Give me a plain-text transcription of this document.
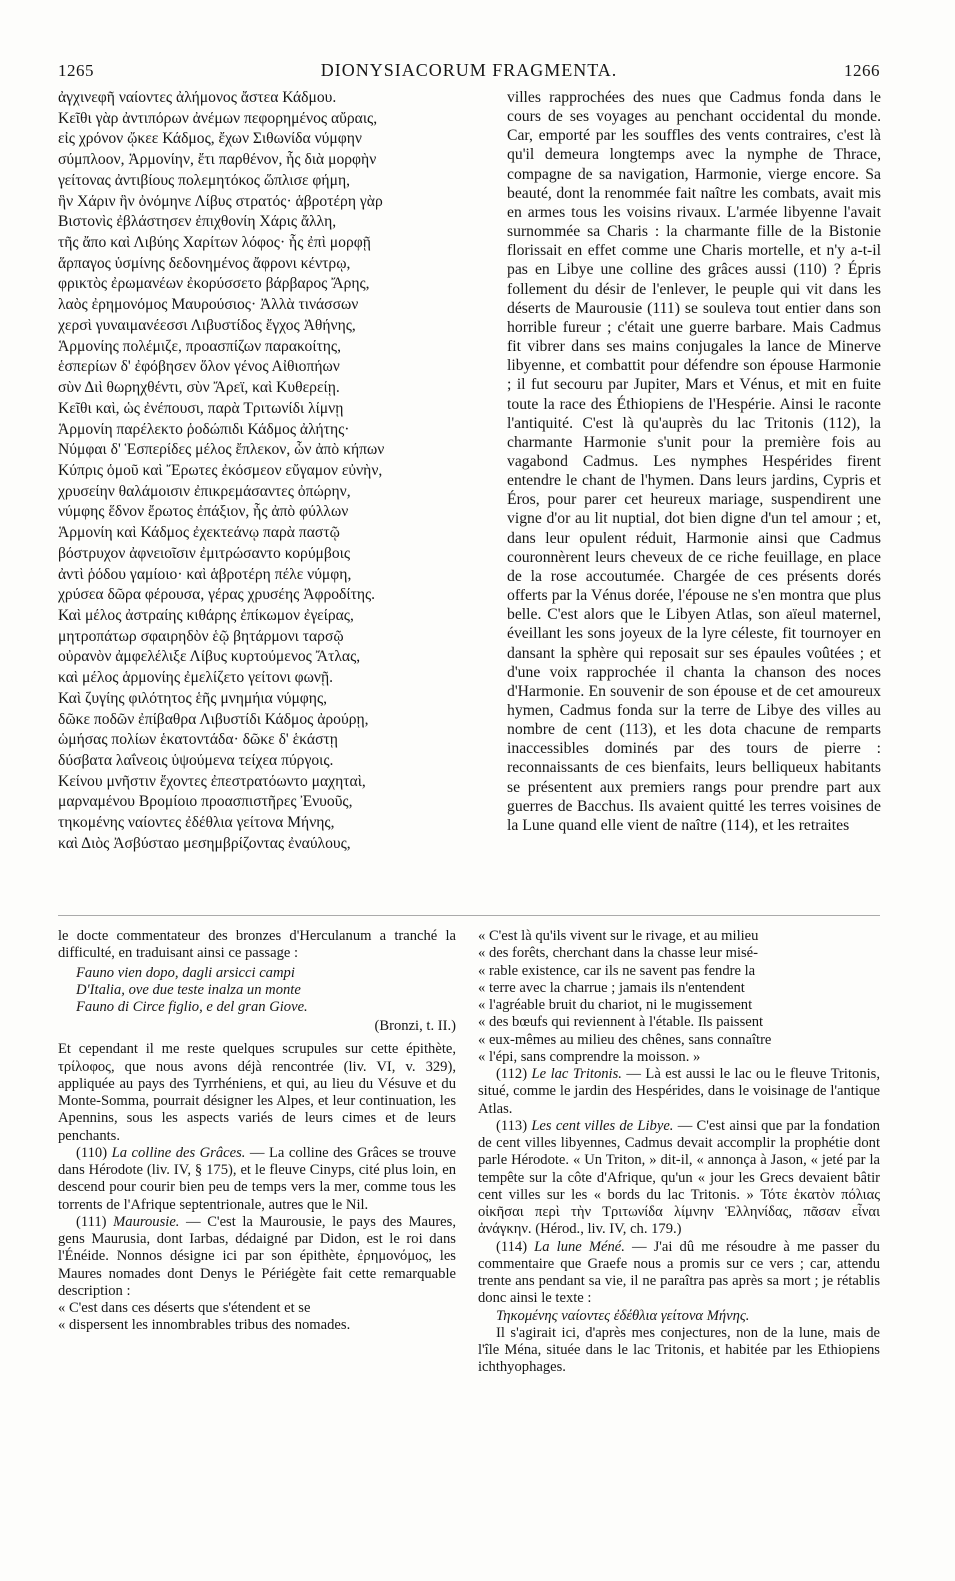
1265	DIONYSIACORUM FRAGMENTA.	1266
ἀγχινεφῆ ναίοντες ἀλήμονος ἄστεα Κάδμου.
Κεῖθι γὰρ ἀντιπόρων ἀνέμων πεφορημένος αὔραις,
εἰς χρόνον ᾤκεε Κάδμος, ἔχων Σιθωνίδα νύμφην
σύμπλοον, Ἁρμονίην, ἔτι παρθένον, ἧς διὰ μορφὴν
γείτονας ἀντιβίους πολεμητόκος ὥπλισε φήμη,
ἣν Χάριν ἣν ὀνόμηνε Λίβυς στρατός· ἁβροτέρη γὰρ
Βιστονὶς ἐβλάστησεν ἐπιχθονίη Χάρις ἄλλη,
τῆς ἄπο καὶ Λιβύης Χαρίτων λόφος· ἧς ἐπὶ μορφῇ
ἅρπαγος ὑσμίνης δεδονημένος ἄφρονι κέντρῳ,
φρικτὸς ἐρωμανέων ἐκορύσσετο βάρβαρος Ἄρης,
λαὸς ἐρημονόμος Μαυρούσιος· Ἀλλὰ τινάσσων
χερσὶ γυναιμανέεσσι Λιβυστίδος ἔγχος Ἀθήνης,
Ἁρμονίης πολέμιζε, προασπίζων παρακοίτης,
ἑσπερίων δ' ἐφόβησεν ὅλον γένος Αἰθιοπήων
σὺν Διὶ θωρηχθέντι, σὺν Ἄρεϊ, καὶ Κυθερείῃ.
Κεῖθι καὶ, ὡς ἐνέπουσι, παρὰ Τριτωνίδι λίμνῃ
Ἁρμονίη παρέλεκτο ῥοδώπιδι Κάδμος ἀλήτης·
Νύμφαι δ' Ἑσπερίδες μέλος ἔπλεκον, ὧν ἀπὸ κήπων
Κύπρις ὁμοῦ καὶ Ἔρωτες ἐκόσμεον εὔγαμον εὐνὴν,
χρυσείην θαλάμοισιν ἐπικρεμάσαντες ὀπώρην,
νύμφης ἕδνον ἔρωτος ἐπάξιον, ἧς ἀπὸ φύλλων
Ἁρμονίη καὶ Κάδμος ἐχεκτεάνῳ παρὰ παστῷ
βόστρυχον ἀφνειοῖσιν ἐμιτρώσαντο κορύμβοις
ἀντὶ ῥόδου γαμίοιο· καὶ ἁβροτέρη πέλε νύμφη,
χρύσεα δῶρα φέρουσα, γέρας χρυσέης Ἀφροδίτης.
Καὶ μέλος ἀστραίης κιθάρης ἐπίκωμον ἐγείρας,
μητροπάτωρ σφαιρηδὸν ἑῷ βητάρμονι ταρσῷ
οὐρανὸν ἀμφελέλιξε Λίβυς κυρτούμενος Ἄτλας,
καὶ μέλος ἁρμονίης ἐμελίζετο γείτονι φωνῇ.
Καὶ ζυγίης φιλότητος ἑῆς μνημήια νύμφης,
δῶκε ποδῶν ἐπίβαθρα Λιβυστίδι Κάδμος ἀρούρῃ,
ὡμήσας πολίων ἑκατοντάδα· δῶκε δ' ἑκάστῃ
δύσβατα λαΐνεοις ὑψούμενα τείχεα πύργοις.
Κείνου μνῆστιν ἔχοντες ἐπεστρατόωντο μαχηταὶ,
μαρναμένου Βρομίοιο προασπιστῆρες Ἐνυοῦς,
τηκομένης ναίοντες ἐδέθλια γείτονα Μήνης,
καὶ Διὸς Ἀσβύσταο μεσημβρίζοντας ἐναύλους,

villes rapprochées des nues que Cadmus fonda dans le cours de ses voyages au penchant occidental du monde. Car, emporté par les souffles des vents contraires, c'est là qu'il demeura longtemps avec la nymphe de Thrace, compagne de sa navigation, Harmonie, vierge encore. Sa beauté, dont la renommée fait naître les combats, avait mis en armes tous les voisins rivaux. L'armée libyenne l'avait surnommée sa Charis : la charmante fille de la Bistonie florissait en effet comme une Charis mortelle, et n'y a-t-il pas en Libye une colline des grâces aussi (110) ? Épris follement du désir de l'enlever, le peuple qui vit dans les déserts de Maurousie (111) se souleva tout entier dans son horrible fureur ; c'était une guerre barbare. Mais Cadmus fit vibrer dans ses mains conjugales la lance de Minerve libyenne, et combattit pour défendre son épouse Harmonie ; il fut secouru par Jupiter, Mars et Vénus, et mit en fuite toute la race des Éthiopiens de l'Hespérie. Ainsi le raconte l'antiquité. C'est là qu'auprès du lac Tritonis (112), la charmante Harmonie s'unit pour la première fois au vagabond Cadmus. Les nymphes Hespérides firent entendre le chant de l'hymen. Dans leurs jardins, Cypris et Éros, pour parer cet heureux mariage, suspendirent une vigne d'or au lit nuptial, dot bien digne d'un tel amour ; et, dans leur opulent réduit, Harmonie ainsi que Cadmus couronnèrent leurs cheveux de ce riche feuillage, en place de la rose accoutumée. Chargée de ces présents dorés offerts par la Vénus dorée, l'épouse ne s'en montra que plus belle. C'est alors que le Libyen Atlas, son aïeul maternel, éveillant les sons joyeux de la lyre céleste, fit tournoyer en dansant la sphère qui reposait sur ses épaules voûtées ; et d'une voix rapprochée il chanta la chanson des noces d'Harmonie. En souvenir de son épouse et de cet amoureux hymen, Cadmus fonda sur la terre de Libye des villes au nombre de cent (113), et les dota chacune de remparts inaccessibles dominés par des tours de pierre : reconnaissants de ces bienfaits, leurs belliqueux habitants se présentent aux premiers rangs pour prendre part aux guerres de Bacchus. Ils avaient quitté les terres voisines de la Lune quand elle vient de naître (114), et les retraites

le docte commentateur des bronzes d'Herculanum a tranché la difficulté, en traduisant ainsi ce passage :

Fauno vien dopo, dagli arsicci campi
D'Italia, ove due teste inalza un monte
Fauno di Circe figlio, e del gran Giove.

(Bronzi, t. II.)

Et cependant il me reste quelques scrupules sur cette épithète, τρίλοφος, que nous avons déjà rencontrée (liv. VI, v. 329), appliquée au pays des Tyrrhéniens, et qui, au lieu du Vésuve et du Monte-Somma, pourrait désigner les Alpes, et leur continuation, les Apennins, sous les aspects variés de leurs cimes et de leurs penchants.

(110) La colline des Grâces. — La colline des Grâces se trouve dans Hérodote (liv. IV, § 175), et le fleuve Cinyps, cité plus loin, en descend pour courir bien peu de temps vers la mer, comme tous les torrents de l'Afrique septentrionale, autres que le Nil.

(111) Maurousie. — C'est la Maurousie, le pays des Maures, gens Maurusia, dont Iarbas, dédaigné par Didon, est le roi dans l'Énéide. Nonnos désigne ici par son épithète, ἐρημονόμος, les Maures nomades dont Denys le Périégète fait cette remarquable description :

« C'est dans ces déserts que s'étendent et se
« dispersent les innombrables tribus des nomades.
« C'est là qu'ils vivent sur le rivage, et au milieu
« des forêts, cherchant dans la chasse leur misé-
« rable existence, car ils ne savent pas fendre la
« terre avec la charrue ; jamais ils n'entendent
« l'agréable bruit du chariot, ni le mugissement
« des bœufs qui reviennent à l'étable. Ils paissent
« eux-mêmes au milieu des chênes, sans connaître
« l'épi, sans comprendre la moisson. »

(112) Le lac Tritonis. — Là est aussi le lac ou le fleuve Tritonis, situé, comme le jardin des Hespérides, dans le voisinage de l'antique Atlas.

(113) Les cent villes de Libye. — C'est ainsi que par la fondation de cent villes libyennes, Cadmus devait accomplir la prophétie dont parle Hérodote. « Un Triton, » dit-il, « annonça à Jason, « jeté par la tempête sur la côte d'Afrique, qu'un « jour les Grecs devaient bâtir cent villes sur les « bords du lac Tritonis. » Τότε ἑκατὸν πόλιας οἰκῆσαι περὶ τὴν Τριτωνίδα λίμνην Ἑλληνίδας, πᾶσαν εἶναι ἀνάγκην. (Hérod., liv. IV, ch. 179.)

(114) La lune Méné. — J'ai dû me résoudre à me passer du commentaire que Graefe nous a promis sur ce vers ; car, attendu trente ans pendant sa vie, il ne paraîtra pas après sa mort ; je rétablis donc ainsi le texte :

Τηκομένης ναίοντες ἐδέθλια γείτονα Μήνης.

Il s'agirait ici, d'après mes conjectures, non de la lune, mais de l'île Ména, située dans le lac Tritonis, et habitée par les Ethiopiens ichthyophages.
